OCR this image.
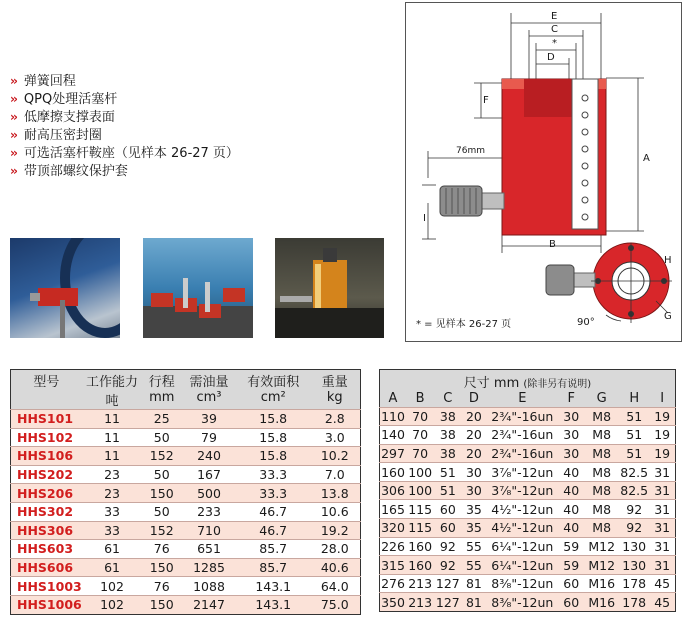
›› 弹簧回程
›› QPQ处理活塞杆
›› 低摩擦支撑表面
›› 耐高压密封圈
›› 可选活塞杆鞍座（见样本 26-27 页）
›› 带顶部螺纹保护套
E
C
*
D
F
A
76mm
I
B
H
G
90°
* = 见样本 26-27 页
型号	工作能力	行程	需油量	有效面积	重量
	吨	mm	cm³	cm²	kg
HHS101	11	25	39	15.8	2.8
HHS102	11	50	79	15.8	3.0
HHS106	11	152	240	15.8	10.2
HHS202	23	50	167	33.3	7.0
HHS206	23	150	500	33.3	13.8
HHS302	33	50	233	46.7	10.6
HHS306	33	152	710	46.7	19.2
HHS603	61	76	651	85.7	28.0
HHS606	61	150	1285	85.7	40.6
HHS1003	102	76	1088	143.1	64.0
HHS1006	102	150	2147	143.1	75.0
尺寸 mm (除非另有说明)								
A	B	C	D	E	F	G	H	I
110	70	38	20	2³⁄₄"-16un	30	M8	51	19
140	70	38	20	2³⁄₄"-16un	30	M8	51	19
297	70	38	20	2³⁄₄"-16un	30	M8	51	19
160	100	51	30	3⁷⁄₈"-12un	40	M8	82.5	31
306	100	51	30	3⁷⁄₈"-12un	40	M8	82.5	31
165	115	60	35	4¹⁄₂"-12un	40	M8	92	31
320	115	60	35	4¹⁄₂"-12un	40	M8	92	31
226	160	92	55	6¹⁄₄"-12un	59	M12	130	31
315	160	92	55	6¹⁄₄"-12un	59	M12	130	31
276	213	127	81	8³⁄₈"-12un	60	M16	178	45
350	213	127	81	8³⁄₈"-12un	60	M16	178	45
